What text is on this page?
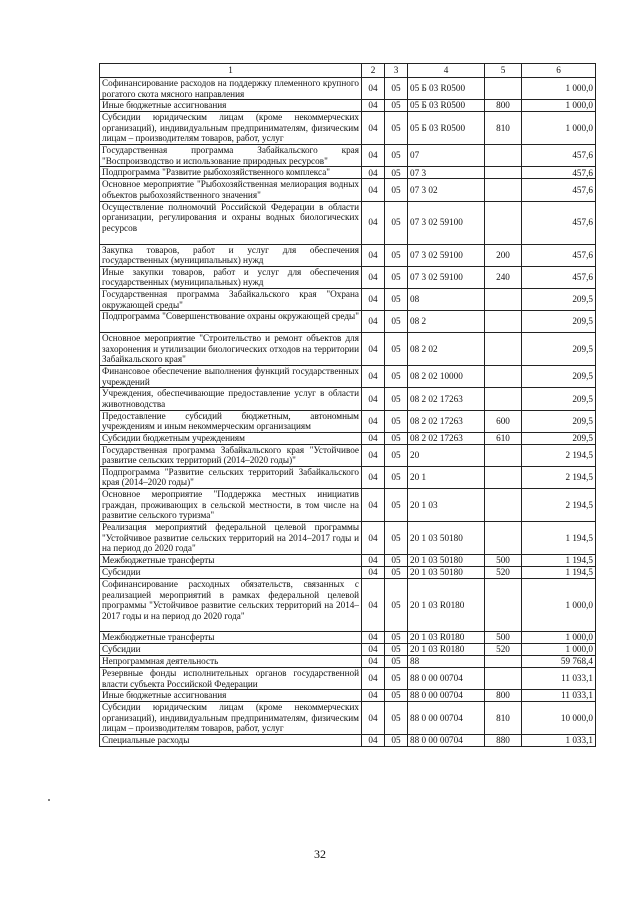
1	2	3	4	5	6
Софинансирование расходов на поддержку племенного крупного рогатого скота мясного направления	04	05	05 Б 03 R0500		1 000,0
Иные бюджетные ассигнования	04	05	05 Б 03 R0500	800	1 000,0
Субсидии юридическим лицам (кроме некоммерческих организаций), индивидуальным предпринимателям, физическим лицам – производителям товаров, работ, услуг	04	05	05 Б 03 R0500	810	1 000,0
Государственная программа Забайкальского края "Воспроизводство и использование природных ресурсов"	04	05	07		457,6
Подпрограмма "Развитие рыбохозяйственного комплекса"	04	05	07 3		457,6
Основное мероприятие "Рыбохозяйственная мелиорация водных объектов рыбохозяйственного значения"	04	05	07 3 02		457,6
Осуществление полномочий Российской Федерации в области организации, регулирования и охраны водных биологических ресурсов	04	05	07 3 02 59100		457,6
Закупка товаров, работ и услуг для обеспечения государственных (муниципальных) нужд	04	05	07 3 02 59100	200	457,6
Иные закупки товаров, работ и услуг для обеспечения государственных (муниципальных) нужд	04	05	07 3 02 59100	240	457,6
Государственная программа Забайкальского края "Охрана окружающей среды"	04	05	08		209,5
Подпрограмма "Совершенствование охраны окружающей среды"	04	05	08 2		209,5
Основное мероприятие "Строительство и ремонт объектов для захоронения и утилизации биологических отходов на территории Забайкальского края"	04	05	08 2 02		209,5
Финансовое обеспечение выполнения функций государственных учреждений	04	05	08 2 02 10000		209,5
Учреждения, обеспечивающие предоставление услуг в области животноводства	04	05	08 2 02 17263		209,5
Предоставление субсидий бюджетным, автономным учреждениям и иным некоммерческим организациям	04	05	08 2 02 17263	600	209,5
Субсидии бюджетным учреждениям	04	05	08 2 02 17263	610	209,5
Государственная программа Забайкальского края "Устойчивое развитие сельских территорий (2014–2020 годы)"	04	05	20		2 194,5
Подпрограмма "Развитие сельских территорий Забайкальского края (2014–2020 годы)"	04	05	20 1		2 194,5
Основное мероприятие "Поддержка местных инициатив граждан, проживающих в сельской местности, в том числе на развитие сельского туризма"	04	05	20 1 03		2 194,5
Реализация мероприятий федеральной целевой программы "Устойчивое развитие сельских территорий на 2014–2017 годы и на период до 2020 года"	04	05	20 1 03 50180		1 194,5
Межбюджетные трансферты	04	05	20 1 03 50180	500	1 194,5
Субсидии	04	05	20 1 03 50180	520	1 194,5
Софинансирование расходных обязательств, связанных с реализацией мероприятий в рамках федеральной целевой программы "Устойчивое развитие сельских территорий на 2014–2017 годы и на период до 2020 года"	04	05	20 1 03 R0180		1 000,0
Межбюджетные трансферты	04	05	20 1 03 R0180	500	1 000,0
Субсидии	04	05	20 1 03 R0180	520	1 000,0
Непрограммная деятельность	04	05	88		59 768,4
Резервные фонды исполнительных органов государственной власти субъекта Российской Федерации	04	05	88 0 00 00704		11 033,1
Иные бюджетные ассигнования	04	05	88 0 00 00704	800	11 033,1
Субсидии юридическим лицам (кроме некоммерческих организаций), индивидуальным предпринимателям, физическим лицам – производителям товаров, работ, услуг	04	05	88 0 00 00704	810	10 000,0
Специальные расходы	04	05	88 0 00 00704	880	1 033,1
32
